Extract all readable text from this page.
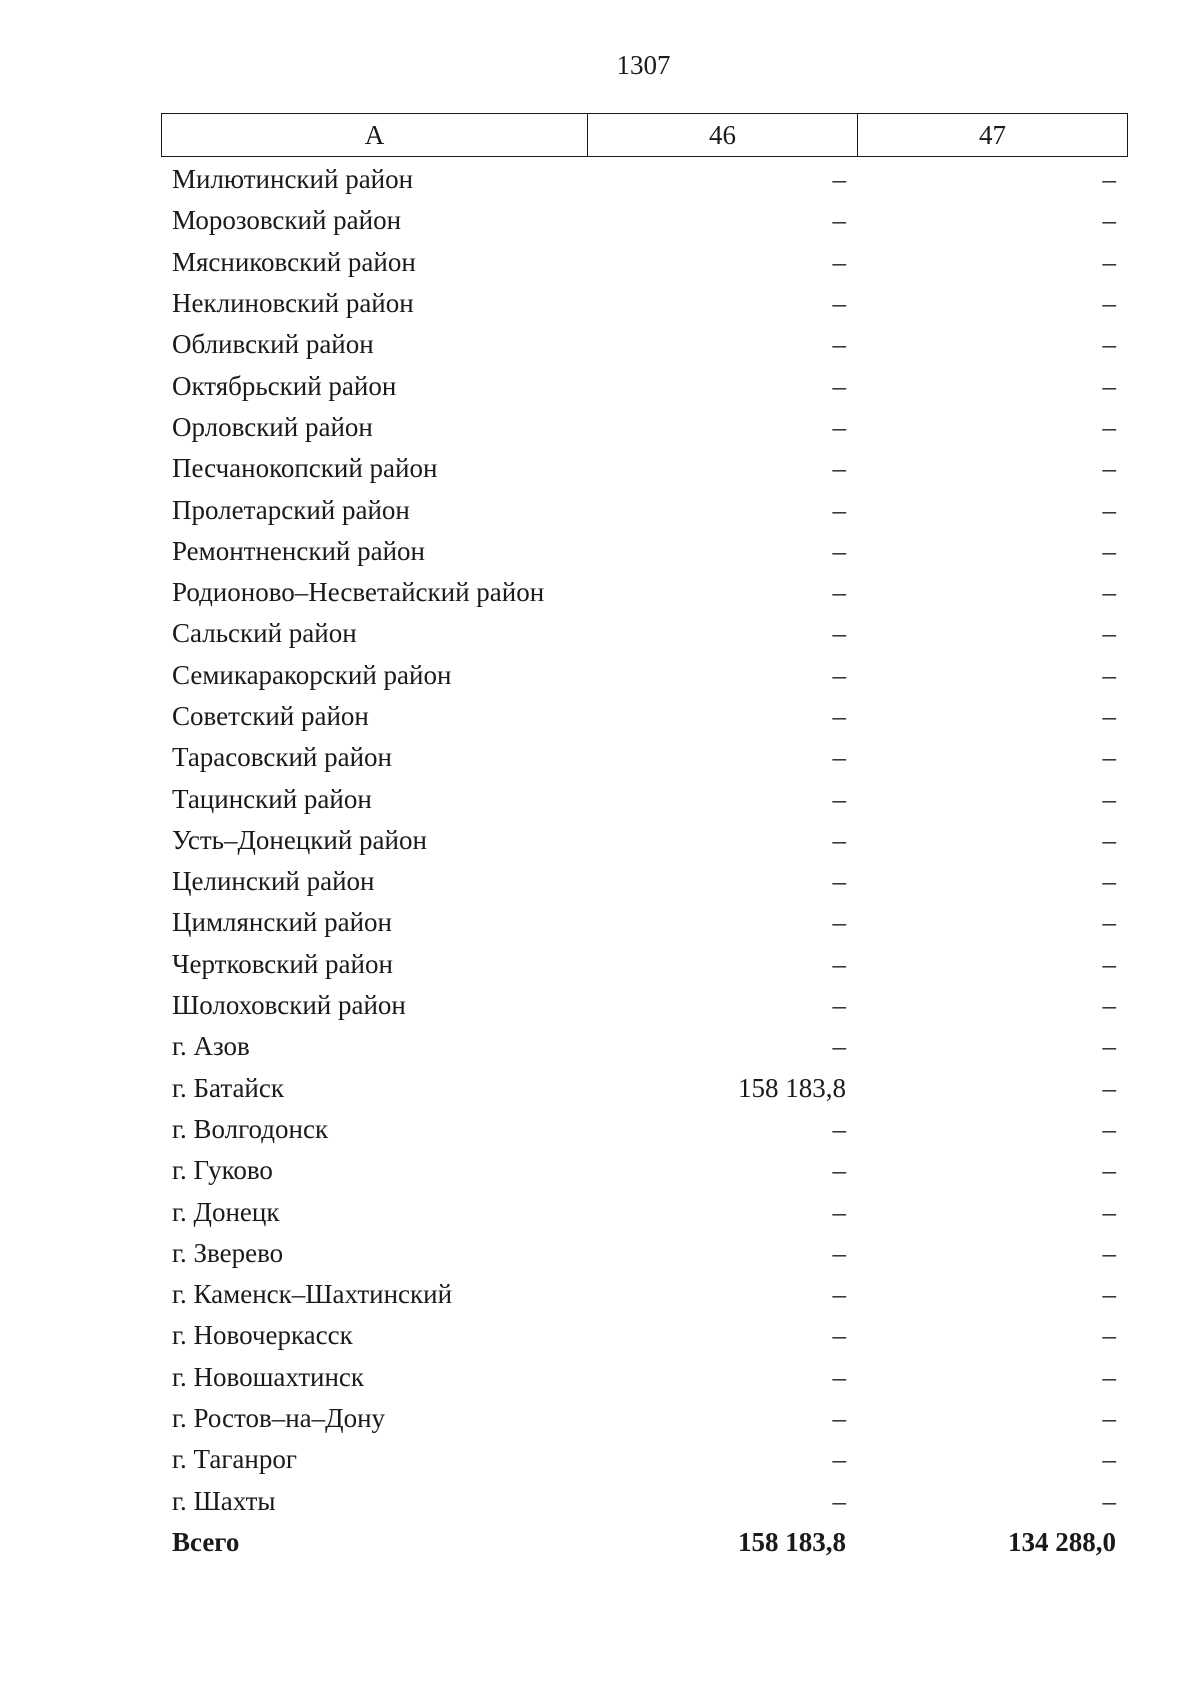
1307
А	46	47
Милютинский район	–	–
Морозовский район	–	–
Мясниковский район	–	–
Неклиновский район	–	–
Обливский район	–	–
Октябрьский район	–	–
Орловский район	–	–
Песчанокопский район	–	–
Пролетарский район	–	–
Ремонтненский район	–	–
Родионово–Несветайский район	–	–
Сальский район	–	–
Семикаракорский район	–	–
Советский район	–	–
Тарасовский район	–	–
Тацинский район	–	–
Усть–Донецкий район	–	–
Целинский район	–	–
Цимлянский район	–	–
Чертковский район	–	–
Шолоховский район	–	–
г. Азов	–	–
г. Батайск	158 183,8	–
г. Волгодонск	–	–
г. Гуково	–	–
г. Донецк	–	–
г. Зверево	–	–
г. Каменск–Шахтинский	–	–
г. Новочеркасск	–	–
г. Новошахтинск	–	–
г. Ростов–на–Дону	–	–
г. Таганрог	–	–
г. Шахты	–	–
Всего	158 183,8	134 288,0
